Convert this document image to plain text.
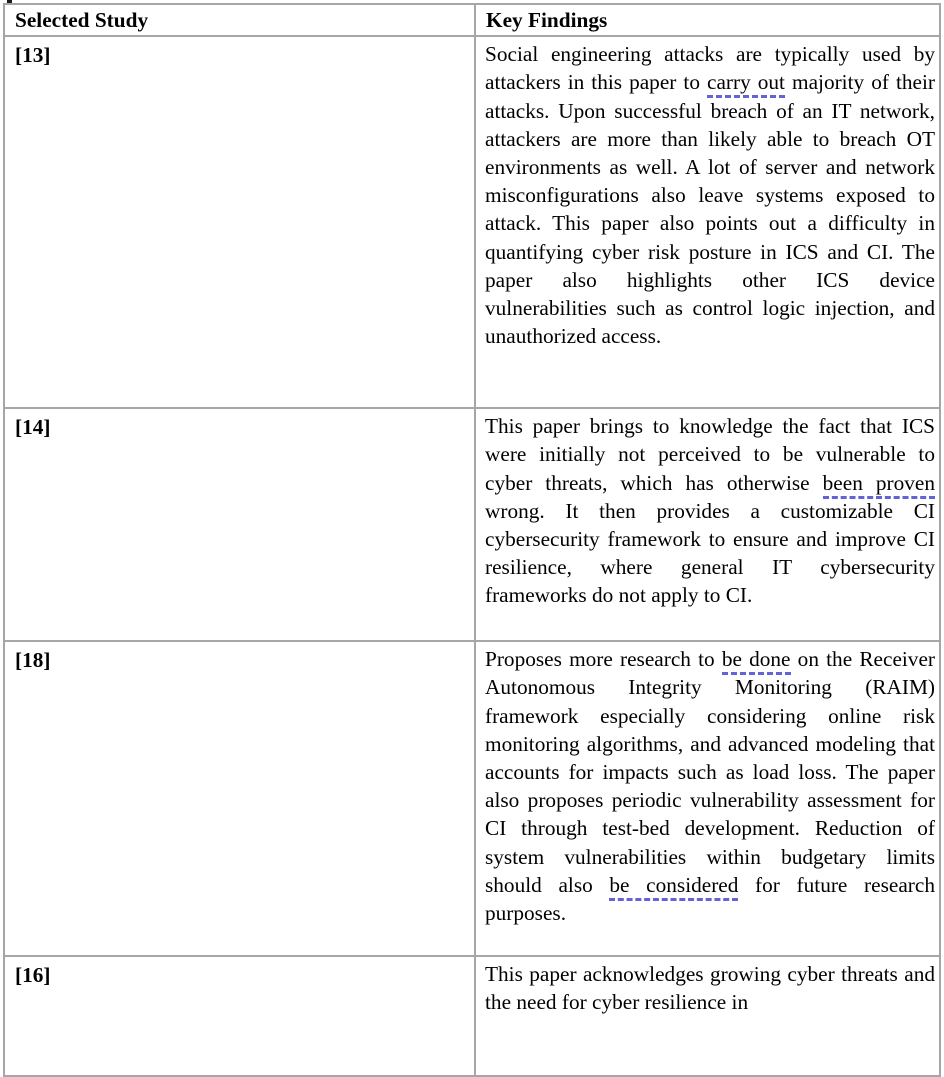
Selected Study	Key Findings
[13]	Social engineering attacks are typically used by attackers in this paper to carry out majority of their attacks. Upon successful breach of an IT network, attackers are more than likely able to breach OT environments as well. A lot of server and network misconfigurations also leave systems exposed to attack. This paper also points out a difficulty in quantifying cyber risk posture in ICS and CI. The paper also highlights other ICS device vulnerabilities such as control logic injection, and unauthorized access.
[14]	This paper brings to knowledge the fact that ICS were initially not perceived to be vulnerable to cyber threats, which has otherwise been proven wrong. It then provides a customizable CI cybersecurity framework to ensure and improve CI resilience, where general IT cybersecurity frameworks do not apply to CI.
[18]	Proposes more research to be done on the Receiver Autonomous Integrity Monitoring (RAIM) framework especially considering online risk monitoring algorithms, and advanced modeling that accounts for impacts such as load loss. The paper also proposes periodic vulnerability assessment for CI through test-bed development. Reduction of system vulnerabilities within budgetary limits should also be considered for future research purposes.
[16]	This paper acknowledges growing cyber threats and the need for cyber resilience in
